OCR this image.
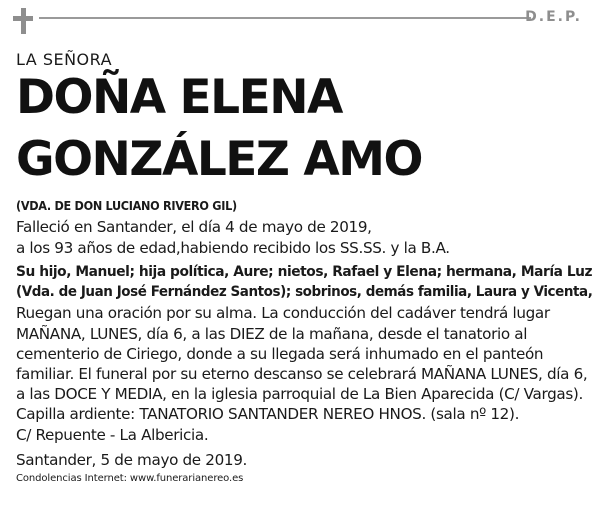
D.E.P.
LA SEÑORA
DOÑA ELENA
GONZÁLEZ AMO
(VDA. DE DON LUCIANO RIVERO GIL)
Falleció en Santander, el día 4 de mayo de 2019,
a los 93 años de edad,habiendo recibido los SS.SS. y la B.A.
Su hijo, Manuel; hija política, Aure; nietos, Rafael y Elena; hermana, María Luz
(Vda. de Juan José Fernández Santos); sobrinos, demás familia, Laura y Vicenta,
Ruegan una oración por su alma. La conducción del cadáver tendrá lugar
MAÑANA, LUNES, día 6, a las DIEZ de la mañana, desde el tanatorio al
cementerio de Ciriego, donde a su llegada será inhumado en el panteón
familiar. El funeral por su eterno descanso se celebrará MAÑANA LUNES, día 6,
a las DOCE Y MEDIA, en la iglesia parroquial de La Bien Aparecida (C/ Vargas).
Capilla ardiente: TANATORIO SANTANDER NEREO HNOS. (sala nº 12).
C/ Repuente - La Albericia.
Santander, 5 de mayo de 2019.
Condolencias Internet: www.funerarianereo.es
